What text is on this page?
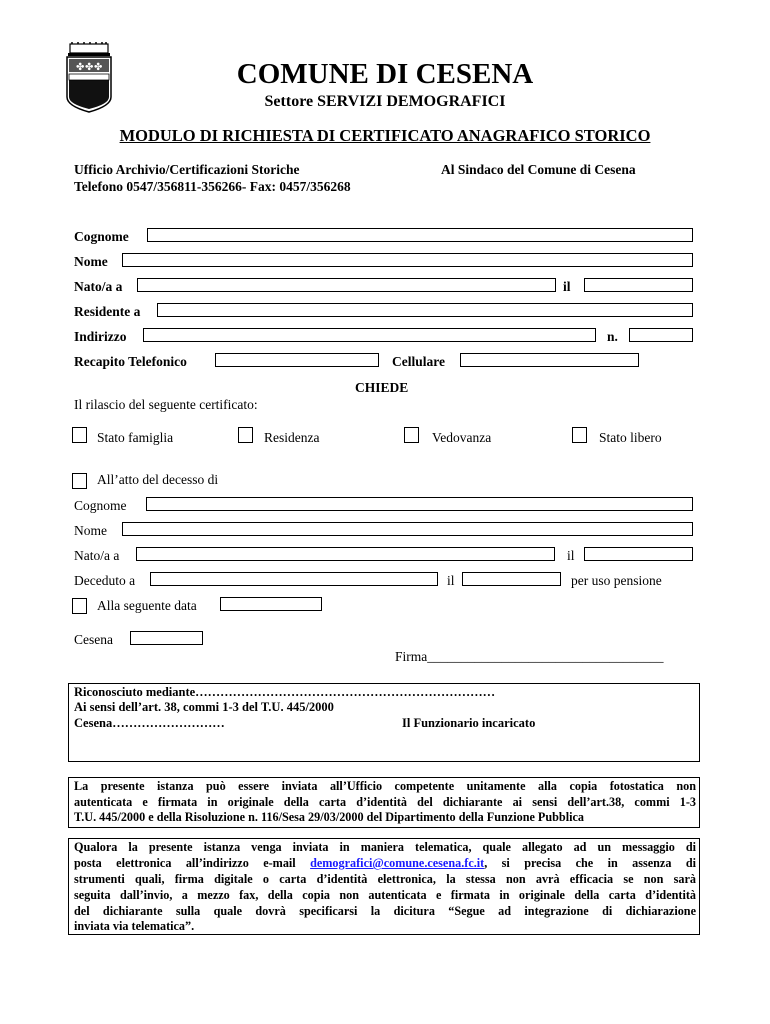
✤ ✤ ✤	COMUNE DI CESENA
Settore SERVIZI DEMOGRAFICI
MODULO DI RICHIESTA DI CERTIFICATO ANAGRAFICO STORICO
Ufficio Archivio/Certificazioni Storiche
Telefono 0547/356811-356266- Fax: 0457/356268
Al Sindaco del Comune di Cesena
Cognome
Nome
Nato/a a	il
Residente a
Indirizzo	n.
Recapito Telefonico	Cellulare
CHIEDE
Il rilascio del seguente certificato:
Stato famiglia	Residenza	Vedovanza	Stato libero
All’atto del decesso di
Cognome
Nome
Nato/a a	il
Deceduto a	il	per uso pensione
Alla seguente data
Cesena
Firma___________________________________
Riconosciuto mediante………………………………………………………………
Ai sensi dell’art. 38, commi 1-3 del T.U. 445/2000
Cesena………………………	Il Funzionario incaricato
La presente istanza può essere inviata all’Ufficio competente unitamente alla copia fotostatica non
autenticata e firmata in originale della carta d’identità del dichiarante ai sensi dell’art.38, commi 1-3
T.U. 445/2000 e della Risoluzione n. 116/Sesa 29/03/2000 del Dipartimento della Funzione Pubblica
Qualora la presente istanza venga inviata in maniera telematica, quale allegato ad un messaggio di
posta elettronica all’indirizzo e-mail demografici@comune.cesena.fc.it, si precisa che in assenza di
strumenti quali, firma digitale o carta d’identità elettronica, la stessa non avrà efficacia se non sarà
seguita dall’invio, a mezzo fax, della copia non autenticata e firmata in originale della carta d’identità
del dichiarante sulla quale dovrà specificarsi la dicitura “Segue ad integrazione di dichiarazione
inviata via telematica”.
